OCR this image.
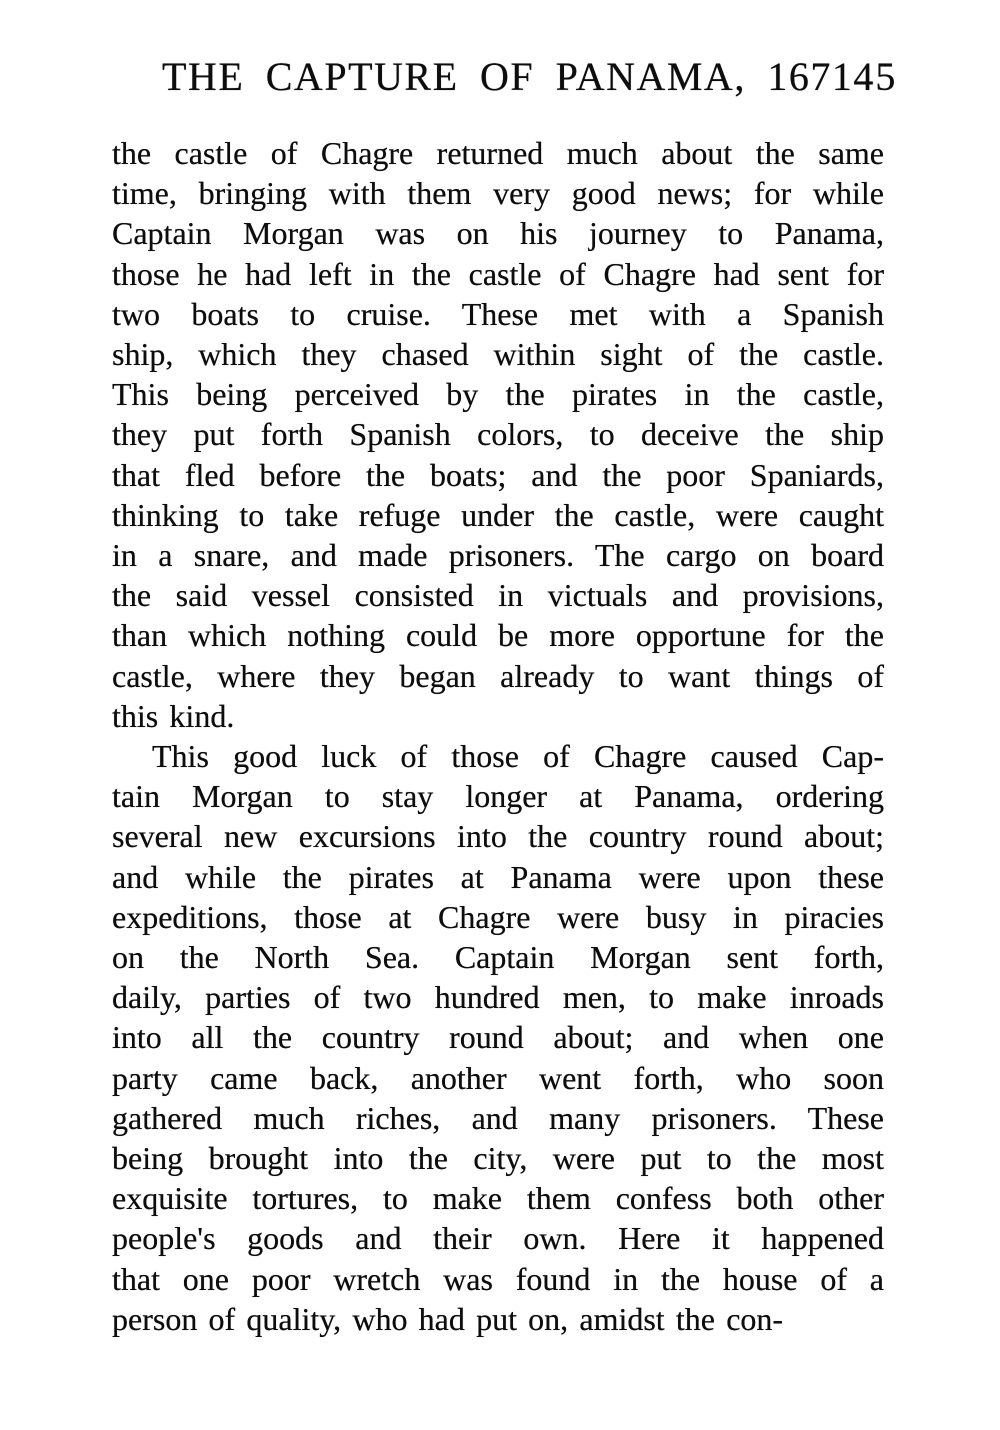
THE CAPTURE OF PANAMA, 1671 45
the castle of Chagre returned much about the same
time, bringing with them very good news; for while
Captain Morgan was on his journey to Panama,
those he had left in the castle of Chagre had sent for
two boats to cruise. These met with a Spanish
ship, which they chased within sight of the castle.
This being perceived by the pirates in the castle,
they put forth Spanish colors, to deceive the ship
that fled before the boats; and the poor Spaniards,
thinking to take refuge under the castle, were caught
in a snare, and made prisoners. The cargo on board
the said vessel consisted in victuals and provisions,
than which nothing could be more opportune for the
castle, where they began already to want things of
this kind.
This good luck of those of Chagre caused Cap-
tain Morgan to stay longer at Panama, ordering
several new excursions into the country round about;
and while the pirates at Panama were upon these
expeditions, those at Chagre were busy in piracies
on the North Sea. Captain Morgan sent forth,
daily, parties of two hundred men, to make inroads
into all the country round about; and when one
party came back, another went forth, who soon
gathered much riches, and many prisoners. These
being brought into the city, were put to the most
exquisite tortures, to make them confess both other
people's goods and their own. Here it happened
that one poor wretch was found in the house of a
person of quality, who had put on, amidst the con-
